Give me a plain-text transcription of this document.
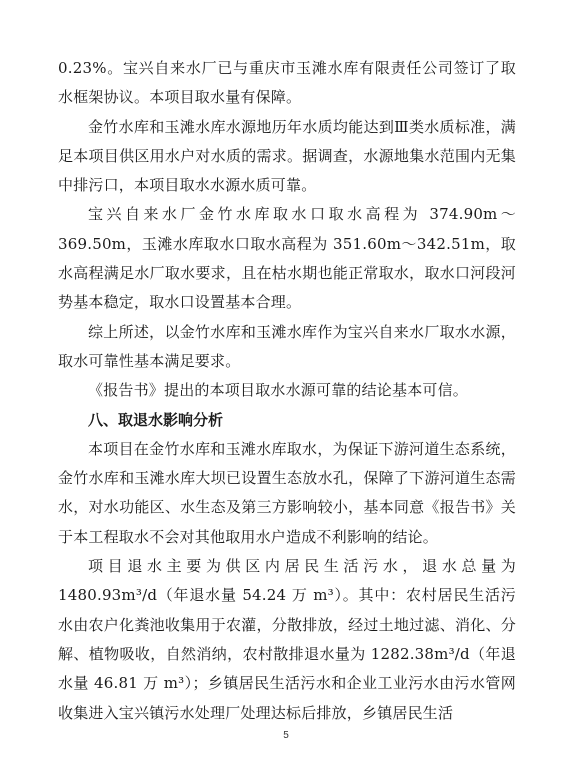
0.23%。宝兴自来水厂已与重庆市玉滩水库有限责任公司签订了取水框架协议。本项目取水量有保障。

金竹水库和玉滩水库水源地历年水质均能达到Ⅲ类水质标准，满足本项目供区用水户对水质的需求。据调查，水源地集水范围内无集中排污口，本项目取水水源水质可靠。

宝兴自来水厂金竹水库取水口取水高程为 374.90m～369.50m，玉滩水库取水口取水高程为 351.60m～342.51m，取水高程满足水厂取水要求，且在枯水期也能正常取水，取水口河段河势基本稳定，取水口设置基本合理。

综上所述，以金竹水库和玉滩水库作为宝兴自来水厂取水水源，取水可靠性基本满足要求。

《报告书》提出的本项目取水水源可靠的结论基本可信。

八、取退水影响分析

本项目在金竹水库和玉滩水库取水，为保证下游河道生态系统，金竹水库和玉滩水库大坝已设置生态放水孔，保障了下游河道生态需水，对水功能区、水生态及第三方影响较小，基本同意《报告书》关于本工程取水不会对其他取用水户造成不利影响的结论。

项目退水主要为供区内居民生活污水，退水总量为 1480.93m³/d（年退水量 54.24 万 m³）。其中：农村居民生活污水由农户化粪池收集用于农灌，分散排放，经过土地过滤、消化、分解、植物吸收，自然消纳，农村散排退水量为 1282.38m³/d（年退水量 46.81 万 m³）；乡镇居民生活污水和企业工业污水由污水管网收集进入宝兴镇污水处理厂处理达标后排放，乡镇居民生活

5
